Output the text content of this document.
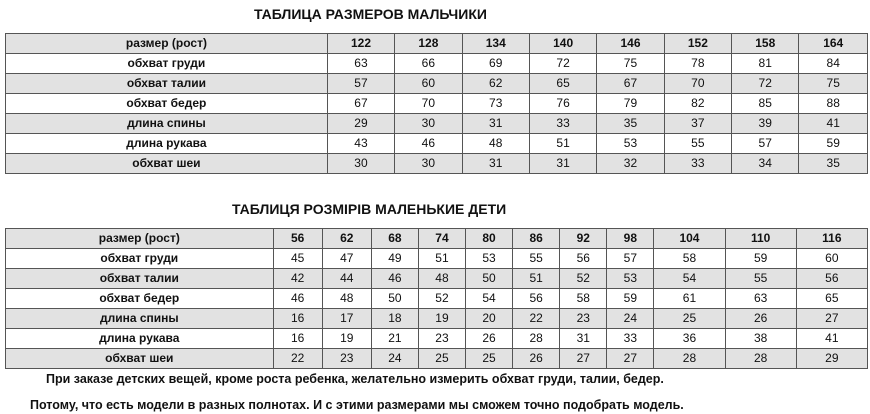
ТАБЛИЦА РАЗМЕРОВ МАЛЬЧИКИ
размер (рост)	122	128	134	140	146	152	158	164
обхват груди	63	66	69	72	75	78	81	84
обхват талии	57	60	62	65	67	70	72	75
обхват бедер	67	70	73	76	79	82	85	88
длина спины	29	30	31	33	35	37	39	41
длина рукава	43	46	48	51	53	55	57	59
обхват шеи	30	30	31	31	32	33	34	35
ТАБЛИЦЯ РОЗМІРІВ МАЛЕНЬКИЕ ДЕТИ
размер (рост)	56	62	68	74	80	86	92	98	104	110	116
обхват груди	45	47	49	51	53	55	56	57	58	59	60
обхват талии	42	44	46	48	50	51	52	53	54	55	56
обхват бедер	46	48	50	52	54	56	58	59	61	63	65
длина спины	16	17	18	19	20	22	23	24	25	26	27
длина рукава	16	19	21	23	26	28	31	33	36	38	41
обхват шеи	22	23	24	25	25	26	27	27	28	28	29
При заказе детских вещей, кроме роста ребенка, желательно измерить обхват груди, талии, бедер.
Потому, что есть модели в разных полнотах. И с этими размерами мы сможем точно подобрать модель.
